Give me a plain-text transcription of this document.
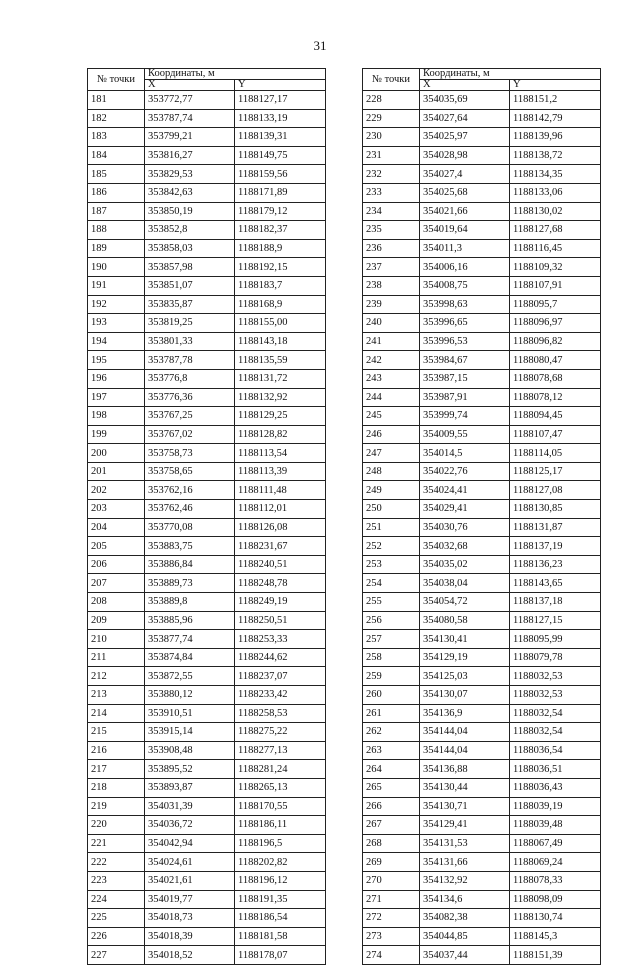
31
№ точки	Координаты, м	
	X	Y
181	353772,77	1188127,17
182	353787,74	1188133,19
183	353799,21	1188139,31
184	353816,27	1188149,75
185	353829,53	1188159,56
186	353842,63	1188171,89
187	353850,19	1188179,12
188	353852,8	1188182,37
189	353858,03	1188188,9
190	353857,98	1188192,15
191	353851,07	1188183,7
192	353835,87	1188168,9
193	353819,25	1188155,00
194	353801,33	1188143,18
195	353787,78	1188135,59
196	353776,8	1188131,72
197	353776,36	1188132,92
198	353767,25	1188129,25
199	353767,02	1188128,82
200	353758,73	1188113,54
201	353758,65	1188113,39
202	353762,16	1188111,48
203	353762,46	1188112,01
204	353770,08	1188126,08
205	353883,75	1188231,67
206	353886,84	1188240,51
207	353889,73	1188248,78
208	353889,8	1188249,19
209	353885,96	1188250,51
210	353877,74	1188253,33
211	353874,84	1188244,62
212	353872,55	1188237,07
213	353880,12	1188233,42
214	353910,51	1188258,53
215	353915,14	1188275,22
216	353908,48	1188277,13
217	353895,52	1188281,24
218	353893,87	1188265,13
219	354031,39	1188170,55
220	354036,72	1188186,11
221	354042,94	1188196,5
222	354024,61	1188202,82
223	354021,61	1188196,12
224	354019,77	1188191,35
225	354018,73	1188186,54
226	354018,39	1188181,58
227	354018,52	1188178,07
№ точки	Координаты, м	
	X	Y
228	354035,69	1188151,2
229	354027,64	1188142,79
230	354025,97	1188139,96
231	354028,98	1188138,72
232	354027,4	1188134,35
233	354025,68	1188133,06
234	354021,66	1188130,02
235	354019,64	1188127,68
236	354011,3	1188116,45
237	354006,16	1188109,32
238	354008,75	1188107,91
239	353998,63	1188095,7
240	353996,65	1188096,97
241	353996,53	1188096,82
242	353984,67	1188080,47
243	353987,15	1188078,68
244	353987,91	1188078,12
245	353999,74	1188094,45
246	354009,55	1188107,47
247	354014,5	1188114,05
248	354022,76	1188125,17
249	354024,41	1188127,08
250	354029,41	1188130,85
251	354030,76	1188131,87
252	354032,68	1188137,19
253	354035,02	1188136,23
254	354038,04	1188143,65
255	354054,72	1188137,18
256	354080,58	1188127,15
257	354130,41	1188095,99
258	354129,19	1188079,78
259	354125,03	1188032,53
260	354130,07	1188032,53
261	354136,9	1188032,54
262	354144,04	1188032,54
263	354144,04	1188036,54
264	354136,88	1188036,51
265	354130,44	1188036,43
266	354130,71	1188039,19
267	354129,41	1188039,48
268	354131,53	1188067,49
269	354131,66	1188069,24
270	354132,92	1188078,33
271	354134,6	1188098,09
272	354082,38	1188130,74
273	354044,85	1188145,3
274	354037,44	1188151,39
